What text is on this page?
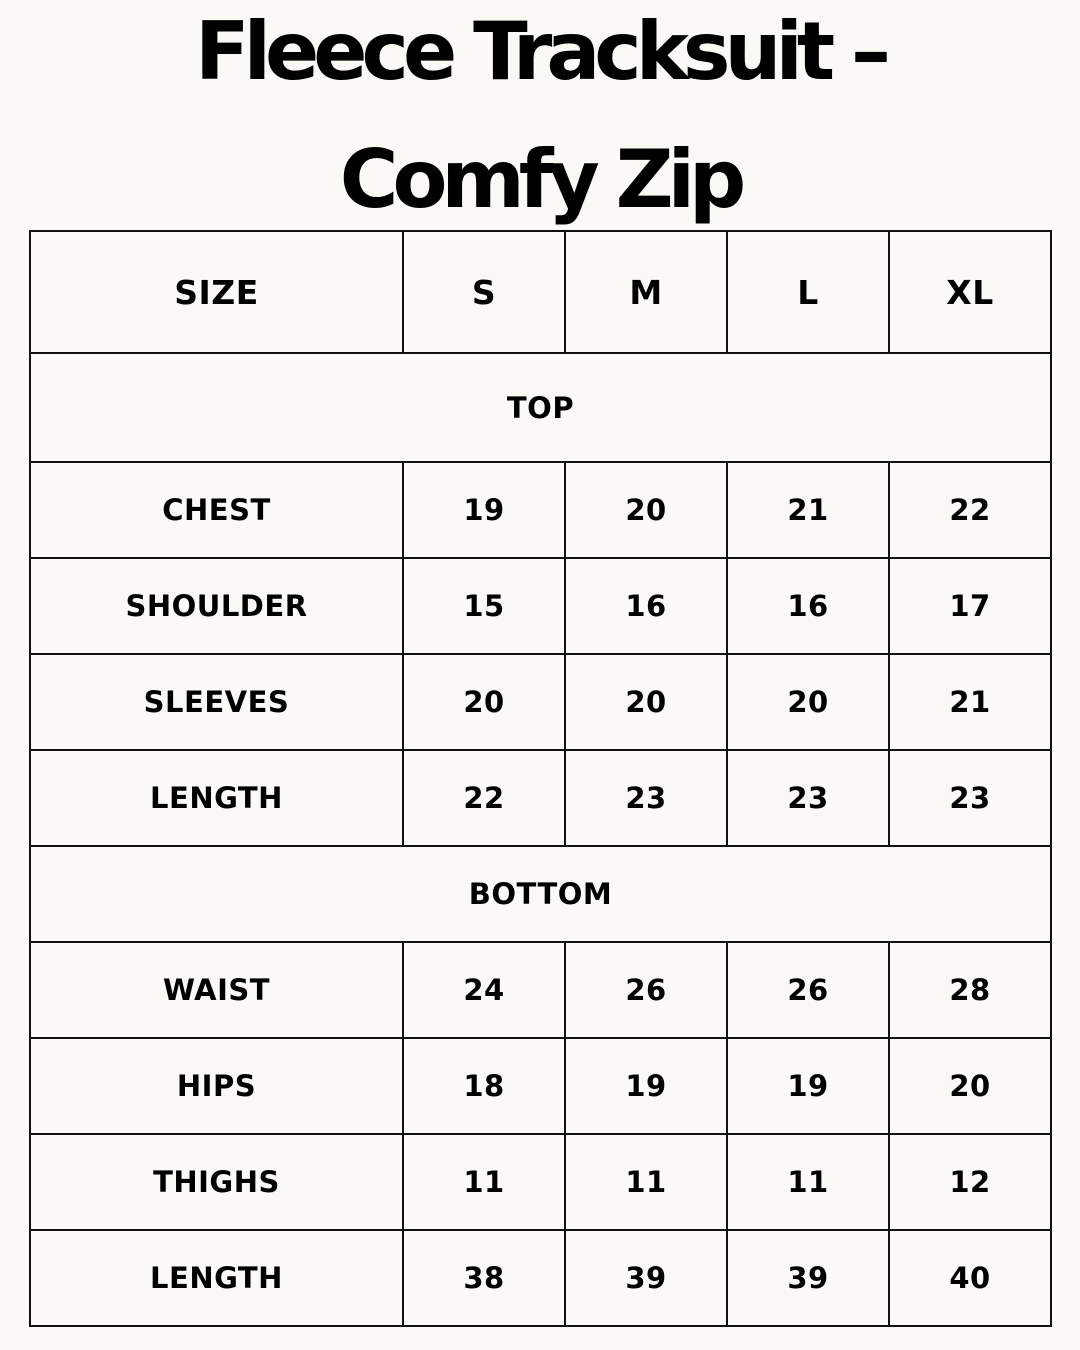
Fleece Tracksuit –
Comfy Zip
SIZE	S	M	L	XL
TOP				
CHEST	19	20	21	22
SHOULDER	15	16	16	17
SLEEVES	20	20	20	21
LENGTH	22	23	23	23
BOTTOM				
WAIST	24	26	26	28
HIPS	18	19	19	20
THIGHS	11	11	11	12
LENGTH	38	39	39	40
